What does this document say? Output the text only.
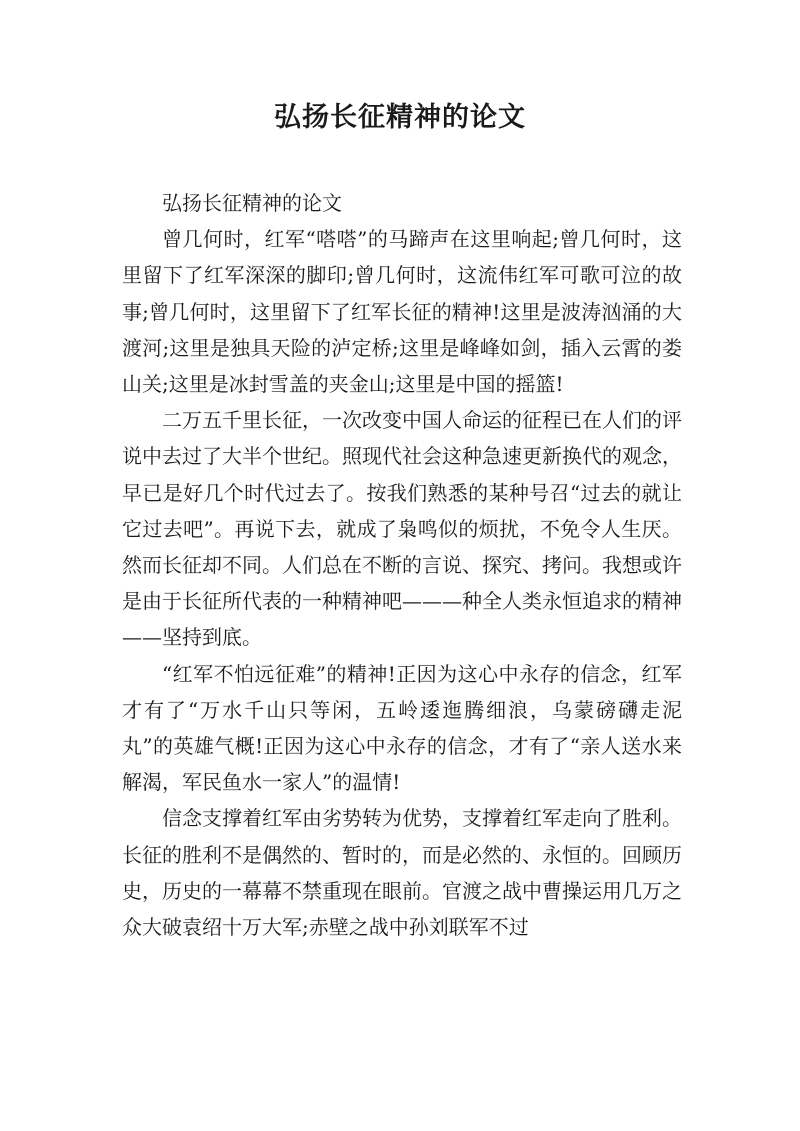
弘扬长征精神的论文

弘扬长征精神的论文

曾几何时，红军“嗒嗒”的马蹄声在这里响起;曾几何时，这里留下了红军深深的脚印;曾几何时，这流伟红军可歌可泣的故事;曾几何时，这里留下了红军长征的精神!这里是波涛汹涌的大渡河;这里是独具天险的泸定桥;这里是峰峰如剑，插入云霄的娄山关;这里是冰封雪盖的夹金山;这里是中国的摇篮!

二万五千里长征，一次改变中国人命运的征程已在人们的评说中去过了大半个世纪。照现代社会这种急速更新换代的观念，早已是好几个时代过去了。按我们熟悉的某种号召“过去的就让它过去吧”。再说下去，就成了枭鸣似的烦扰，不免令人生厌。然而长征却不同。人们总在不断的言说、探究、拷问。我想或许是由于长征所代表的一种精神吧———种全人类永恒追求的精神——坚持到底。

“红军不怕远征难”的精神!正因为这心中永存的信念，红军才有了“万水千山只等闲，五岭逶迤腾细浪，乌蒙磅礴走泥丸”的英雄气概!正因为这心中永存的信念，才有了“亲人送水来解渴，军民鱼水一家人”的温情!

信念支撑着红军由劣势转为优势，支撑着红军走向了胜利。长征的胜利不是偶然的、暂时的，而是必然的、永恒的。回顾历史，历史的一幕幕不禁重现在眼前。官渡之战中曹操运用几万之众大破袁绍十万大军;赤壁之战中孙刘联军不过
